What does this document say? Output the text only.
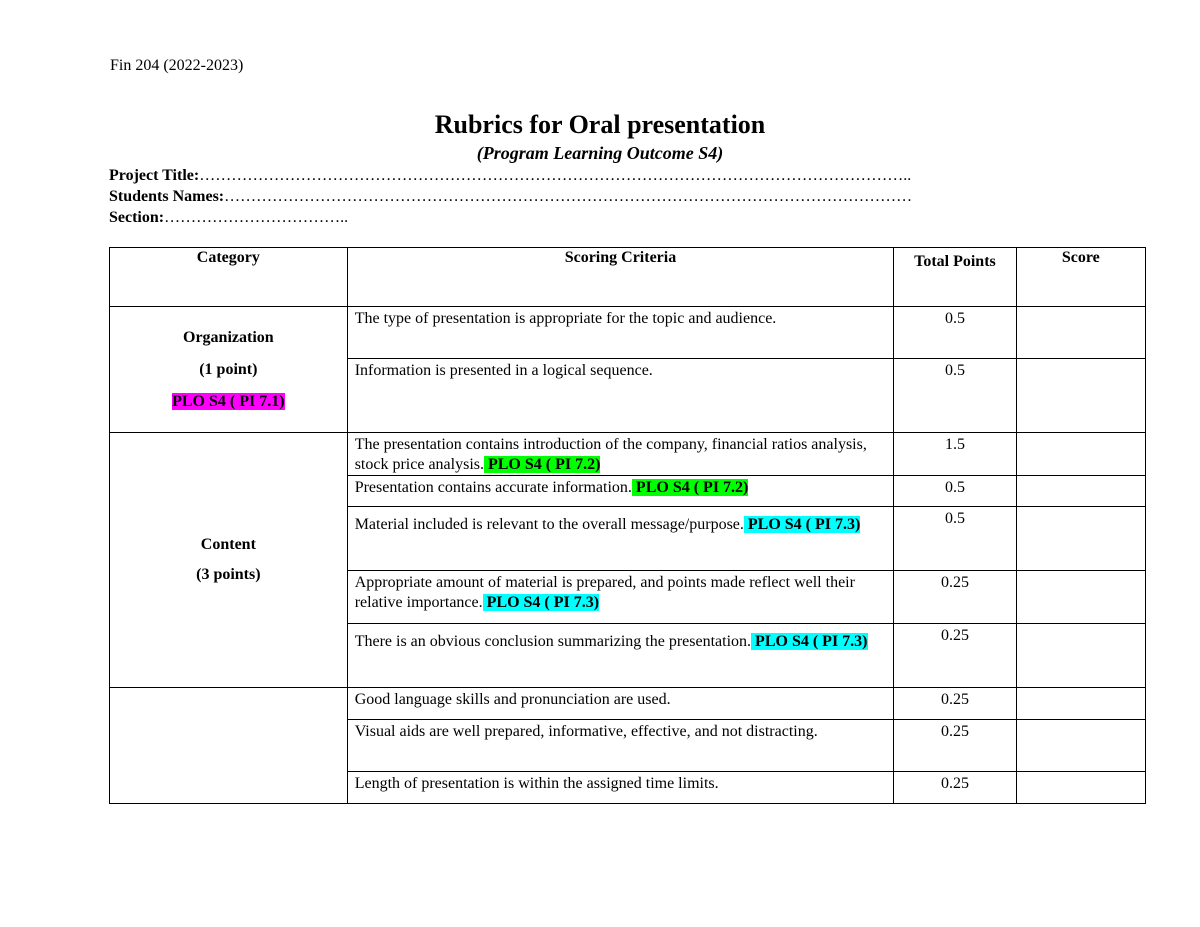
Fin 204 (2022-2023)
Rubrics for Oral presentation
(Program Learning Outcome S4)
Project Title:……………………………………………………………………………………………………………………..
Students Names:…………………………………………………………………………………………………………………
Section:……………………………..
Category	Scoring Criteria	Total Points	Score

Organization
(1 point)
PLO S4 ( PI 7.1)	The type of presentation is appropriate for the topic and audience.	0.5	
	Information is presented in a logical sequence.	0.5	

Content
(3 points)	The presentation contains introduction of the company, financial ratios analysis, stock price analysis. PLO S4 ( PI 7.2)	1.5	
	Presentation contains accurate information. PLO S4 ( PI 7.2)	0.5	
	Material included is relevant to the overall message/purpose. PLO S4 ( PI 7.3)	0.5	
	Appropriate amount of material is prepared, and points made reflect well their relative importance. PLO S4 ( PI 7.3)	0.25	
	There is an obvious conclusion summarizing the presentation. PLO S4 ( PI 7.3)	0.25	
	Good language skills and pronunciation are used.	0.25	
	Visual aids are well prepared, informative, effective, and not distracting.	0.25	
	Length of presentation is within the assigned time limits.	0.25	
